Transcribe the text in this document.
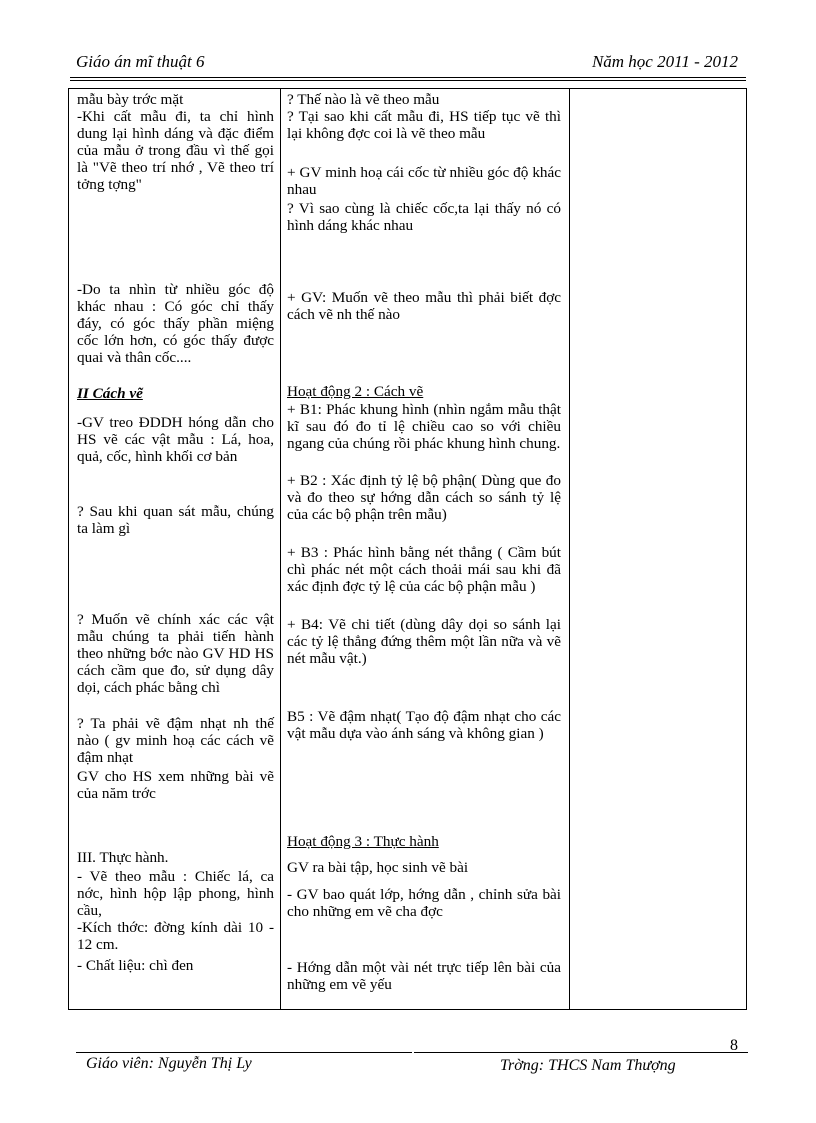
Giáo án mĩ thuật 6	Năm học 2011 - 2012
mẫu bày trớc mặt
-Khi cất mẫu đi, ta chỉ hình dung lại hình dáng và đặc điểm của mẫu ở trong đầu vì thế gọi là "Vẽ theo trí nhớ , Vẽ theo trí tởng tợng"
-Do ta nhìn từ nhiều góc độ khác nhau : Có góc chỉ thấy đáy, có góc thấy phần miệng cốc lớn hơn, có góc thấy được quai và thân cốc....
II Cách vẽ
-GV treo ĐDDH hóng dẫn cho HS vẽ các vật mẫu : Lá, hoa, quả, cốc, hình khối cơ bản
? Sau khi quan sát mẫu, chúng ta làm gì
? Muốn vẽ chính xác các vật mẫu chúng ta phải tiến hành theo những bớc nào GV HD HS cách cầm que đo, sử dụng dây dọi, cách phác bằng chì
? Ta phải vẽ đậm nhạt nh thế nào ( gv minh hoạ các cách vẽ đậm nhạt
GV cho HS xem những bài vẽ của năm trớc
III. Thực hành.
- Vẽ theo mẫu : Chiếc lá, ca nớc, hình hộp lập phong, hình cầu,
-Kích thớc: đờng kính dài 10 - 12 cm.
- Chất liệu: chì đen
? Thế nào là vẽ theo mẫu
? Tại sao khi cất mẫu đi, HS tiếp tục vẽ thì lại không đợc coi là vẽ theo mẫu
+ GV minh hoạ cái cốc từ nhiều góc độ khác nhau
? Vì sao cùng là chiếc cốc,ta lại thấy nó có hình dáng khác nhau
+ GV: Muốn vẽ theo mẫu thì phải biết đợc cách vẽ nh thế nào
Hoạt động 2 : Cách vẽ
+ B1: Phác khung hình (nhìn ngắm mẫu thật kĩ sau đó đo tỉ lệ chiều cao so với chiều ngang của chúng rồi phác khung hình chung.
+ B2 : Xác định tỷ lệ bộ phận( Dùng que đo và đo theo sự hớng dẫn cách so sánh tỷ lệ của các bộ phận trên mẫu)
+ B3 : Phác hình bằng nét thẳng ( Cầm bút chì phác nét một cách thoải mái sau khi đã xác định đợc tỷ lệ của các bộ phận mẫu )
+ B4: Vẽ chi tiết (dùng dây dọi so sánh lại các tỷ lệ thẳng đứng thêm một lần nữa và vẽ nét mẫu vật.)
B5 : Vẽ đậm nhạt( Tạo độ đậm nhạt cho các vật mẫu dựa vào ánh sáng và không gian )
Hoạt động 3 : Thực hành
GV ra bài tập, học sinh vẽ bài
- GV bao quát lớp, hớng dẫn , chỉnh sửa bài cho những em vẽ cha đợc
- Hớng dẫn một vài nét trực tiếp lên bài của những em vẽ yếu
8
Giáo viên: Nguyễn Thị Ly	Trờng: THCS Nam Thượng
